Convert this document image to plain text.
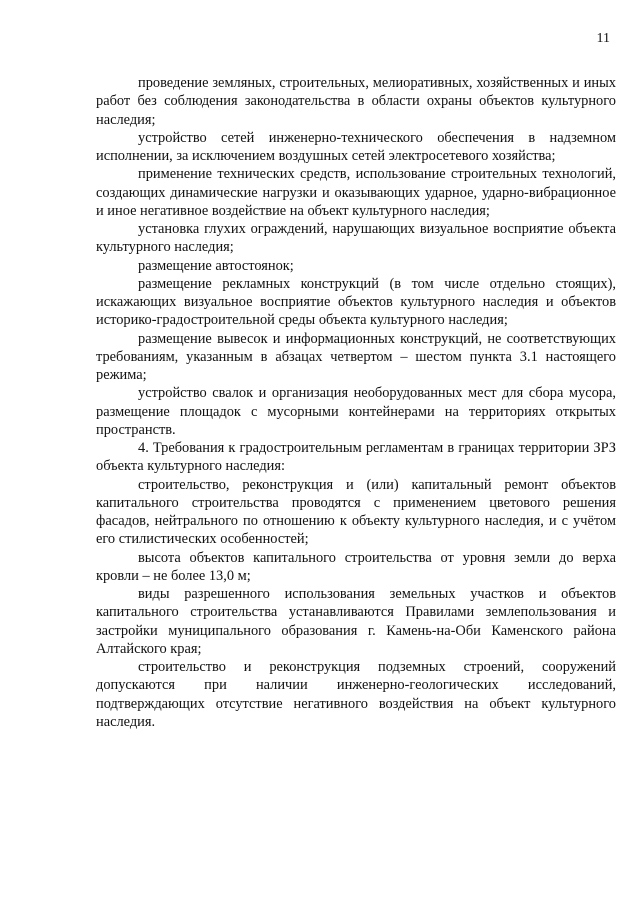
11

проведение земляных, строительных, мелиоративных, хозяйственных и иных работ без соблюдения законодательства в области охраны объектов культурного наследия;

устройство сетей инженерно-технического обеспечения в надземном исполнении, за исключением воздушных сетей электросетевого хозяйства;

применение технических средств, использование строительных технологий, создающих динамические нагрузки и оказывающих ударное, ударно-вибрационное и иное негативное воздействие на объект культурного наследия;

установка глухих ограждений, нарушающих визуальное восприятие объекта культурного наследия;

размещение автостоянок;

размещение рекламных конструкций (в том числе отдельно стоящих), искажающих визуальное восприятие объектов культурного наследия и объектов историко-градостроительной среды объекта культурного наследия;

размещение вывесок и информационных конструкций, не соответствующих требованиям, указанным в абзацах четвертом – шестом пункта 3.1 настоящего режима;

устройство свалок и организация необорудованных мест для сбора мусора, размещение площадок с мусорными контейнерами на территориях открытых пространств.

4. Требования к градостроительным регламентам в границах территории ЗРЗ объекта культурного наследия:

строительство, реконструкция и (или) капитальный ремонт объектов капитального строительства проводятся с применением цветового решения фасадов, нейтрального по отношению к объекту культурного наследия, и с учётом его стилистических особенностей;

высота объектов капитального строительства от уровня земли до верха кровли – не более 13,0 м;

виды разрешенного использования земельных участков и объектов капитального строительства устанавливаются Правилами землепользования и застройки муниципального образования г. Камень-на-Оби Каменского района Алтайского края;

строительство и реконструкция подземных строений, сооружений допускаются при наличии инженерно-геологических исследований, подтверждающих отсутствие негативного воздействия на объект культурного наследия.
